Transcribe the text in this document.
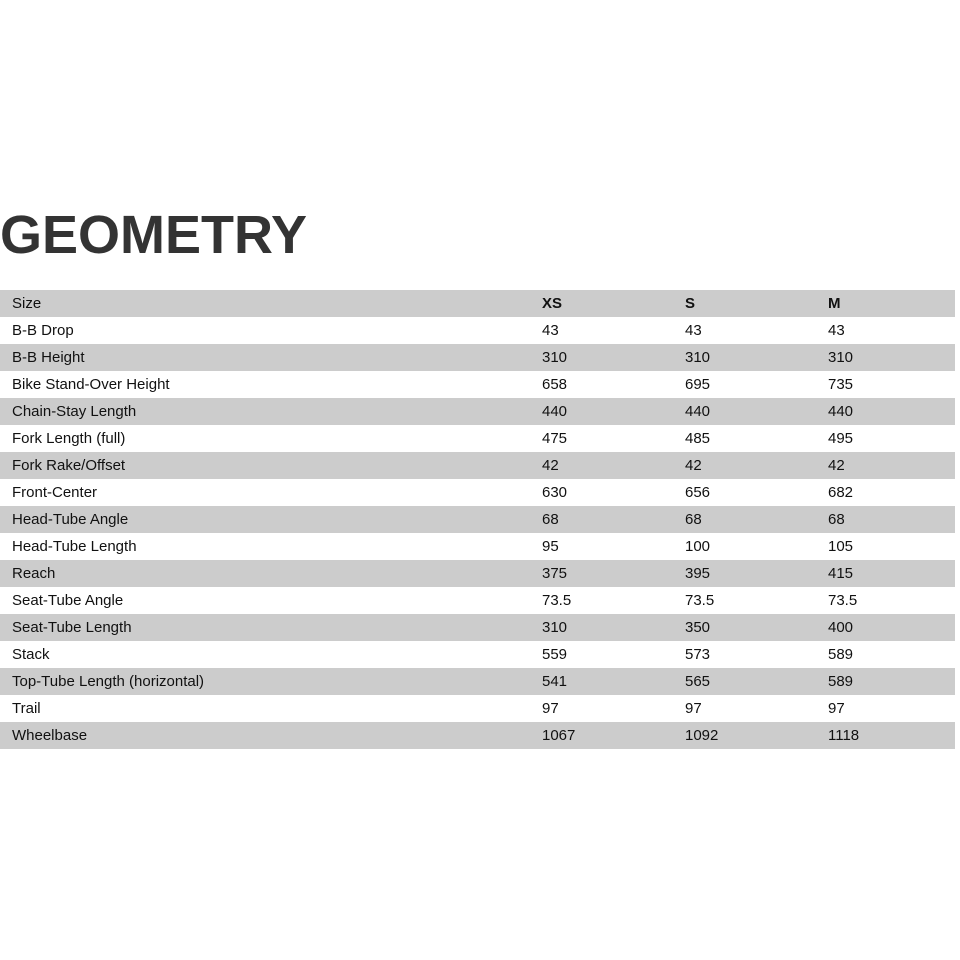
GEOMETRY
Size	XS	S	M
B-B Drop	43	43	43
B-B Height	310	310	310
Bike Stand-Over Height	658	695	735
Chain-Stay Length	440	440	440
Fork Length (full)	475	485	495
Fork Rake/Offset	42	42	42
Front-Center	630	656	682
Head-Tube Angle	68	68	68
Head-Tube Length	95	100	105
Reach	375	395	415
Seat-Tube Angle	73.5	73.5	73.5
Seat-Tube Length	310	350	400
Stack	559	573	589
Top-Tube Length (horizontal)	541	565	589
Trail	97	97	97
Wheelbase	1067	1092	1118
